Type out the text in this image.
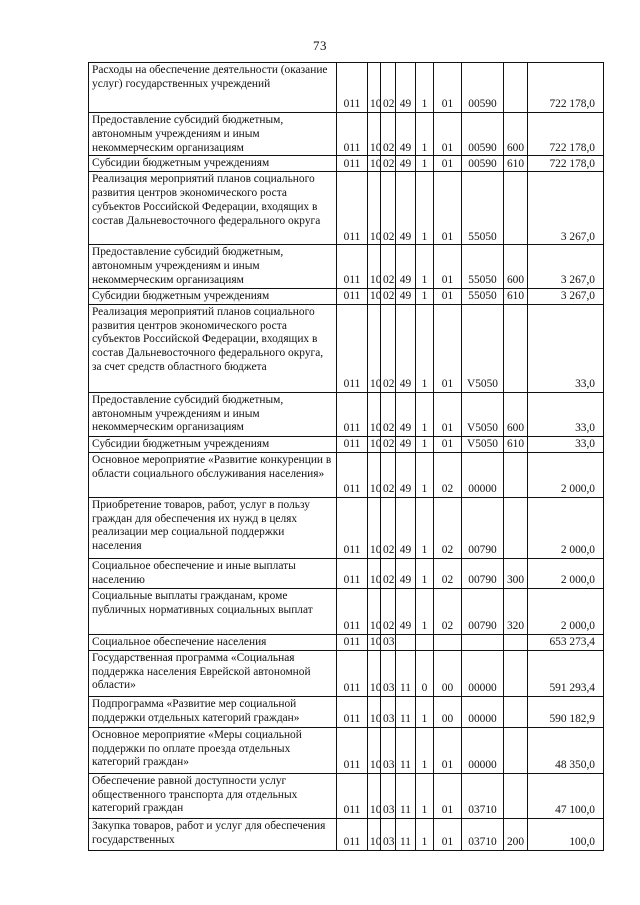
73
Расходы на обеспечение деятельности (оказание услуг) государственных учреждений	011	10	02	49	1	01	00590		722 178,0
Предоставление субсидий бюджетным, автономным учреждениям и иным некоммерческим организациям	011	10	02	49	1	01	00590	600	722 178,0
Субсидии бюджетным учреждениям	011	10	02	49	1	01	00590	610	722 178,0
Реализация мероприятий планов социального развития центров экономического роста субъектов Российской Федерации, входящих в состав Дальневосточного федерального округа	011	10	02	49	1	01	55050		3 267,0
Предоставление субсидий бюджетным, автономным учреждениям и иным некоммерческим организациям	011	10	02	49	1	01	55050	600	3 267,0
Субсидии бюджетным учреждениям	011	10	02	49	1	01	55050	610	3 267,0
Реализация мероприятий планов социального развития центров экономического роста субъектов Российской Федерации, входящих в состав Дальневосточного федерального округа, за счет средств областного бюджета	011	10	02	49	1	01	V5050		33,0
Предоставление субсидий бюджетным, автономным учреждениям и иным некоммерческим организациям	011	10	02	49	1	01	V5050	600	33,0
Субсидии бюджетным учреждениям	011	10	02	49	1	01	V5050	610	33,0
Основное мероприятие «Развитие конкуренции в области социального обслуживания населения»	011	10	02	49	1	02	00000		2 000,0
Приобретение товаров, работ, услуг в пользу граждан для обеспечения их нужд в целях реализации мер социальной поддержки населения	011	10	02	49	1	02	00790		2 000,0
Социальное обеспечение и иные выплаты населению	011	10	02	49	1	02	00790	300	2 000,0
Социальные выплаты гражданам, кроме публичных нормативных социальных выплат	011	10	02	49	1	02	00790	320	2 000,0
Социальное обеспечение населения	011	10	03						653 273,4
Государственная программа «Социальная поддержка населения Еврейской автономной области»	011	10	03	11	0	00	00000		591 293,4
Подпрограмма «Развитие мер социальной поддержки отдельных категорий граждан»	011	10	03	11	1	00	00000		590 182,9
Основное мероприятие «Меры социальной поддержки по оплате проезда отдельных категорий граждан»	011	10	03	11	1	01	00000		48 350,0
Обеспечение равной доступности услуг общественного транспорта для отдельных категорий граждан	011	10	03	11	1	01	03710		47 100,0
Закупка товаров, работ и услуг для обеспечения государственных	011	10	03	11	1	01	03710	200	100,0
